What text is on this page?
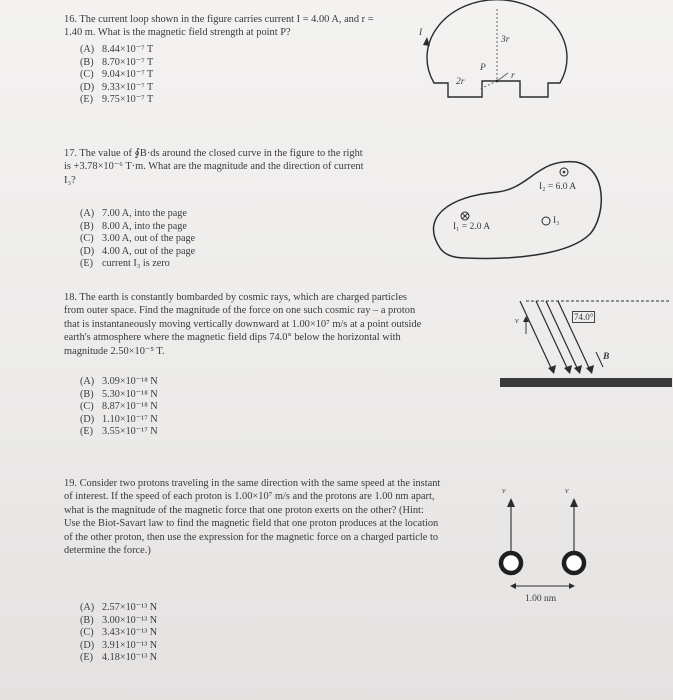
16. The current loop shown in the figure carries current I = 4.00 A, and r = 1.40 m. What is the magnetic field strength at point P?

(A) 8.44×10⁻⁷ T
(B) 8.70×10⁻⁷ T
(C) 9.04×10⁻⁷ T
(D) 9.33×10⁻⁷ T
(E) 9.75×10⁻⁷ T
I
3r
2r
r
P

17. The value of ∮B·ds around the closed curve in the figure to the right is +3.78×10⁻⁶ T·m. What are the magnitude and the direction of current I₃?

(A) 7.00 A, into the page
(B) 8.00 A, into the page
(C) 3.00 A, out of the page
(D) 4.00 A, out of the page
(E) current I₃ is zero
I₁ = 2.0 A
I₂ = 6.0 A
I₃

18. The earth is constantly bombarded by cosmic rays, which are charged particles from outer space. Find the magnitude of the force on one such cosmic ray – a proton that is instantaneously moving vertically downward at 1.00×10⁷ m/s at a point outside earth's atmosphere where the magnetic field dips 74.0° below the horizontal with magnitude 2.50×10⁻⁵ T.

(A) 3.09×10⁻¹⁸ N
(B) 5.30×10⁻¹⁸ N
(C) 8.87×10⁻¹⁸ N
(D) 1.10×10⁻¹⁷ N
(E) 3.55×10⁻¹⁷ N
74.0°
v
B

19. Consider two protons traveling in the same direction with the same speed at the instant of interest. If the speed of each proton is 1.00×10⁷ m/s and the protons are 1.00 nm apart, what is the magnitude of the magnetic force that one proton exerts on the other? (Hint: Use the Biot-Savart law to find the magnetic field that one proton produces at the location of the other proton, then use the expression for the magnetic force on a charged particle to determine the force.)

(A) 2.57×10⁻¹³ N
(B) 3.00×10⁻¹³ N
(C) 3.43×10⁻¹³ N
(D) 3.91×10⁻¹³ N
(E) 4.18×10⁻¹³ N
v	v
1.00 nm
